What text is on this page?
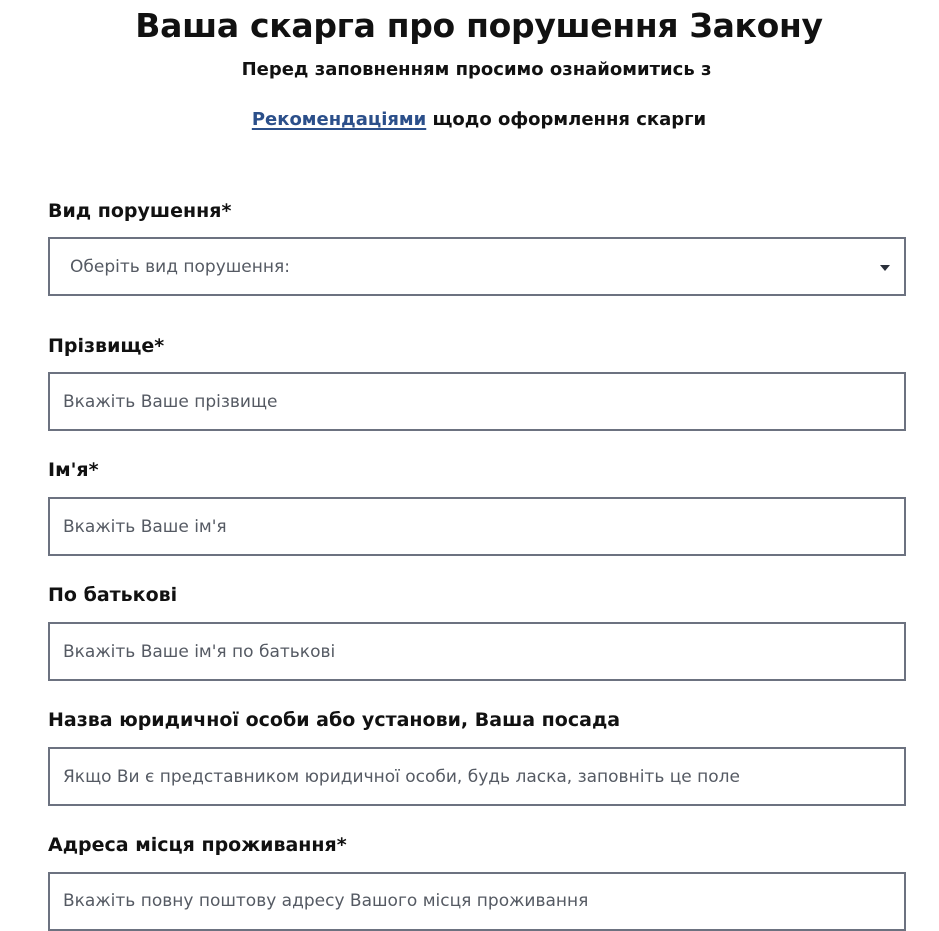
Ваша скарга про порушення Закону

Перед заповненням просимо ознайомитись з

Рекомендаціями щодо оформлення скарги

Вид порушення*
Оберіть вид порушення:
Прізвище*
Вкажіть Ваше прізвище
Ім'я*
Вкажіть Ваше ім'я
По батькові
Вкажіть Ваше ім'я по батькові
Назва юридичної особи або установи, Ваша посада
Якщо Ви є представником юридичної особи, будь ласка, заповніть це поле
Адреса місця проживання*
Вкажіть повну поштову адресу Вашого місця проживання
